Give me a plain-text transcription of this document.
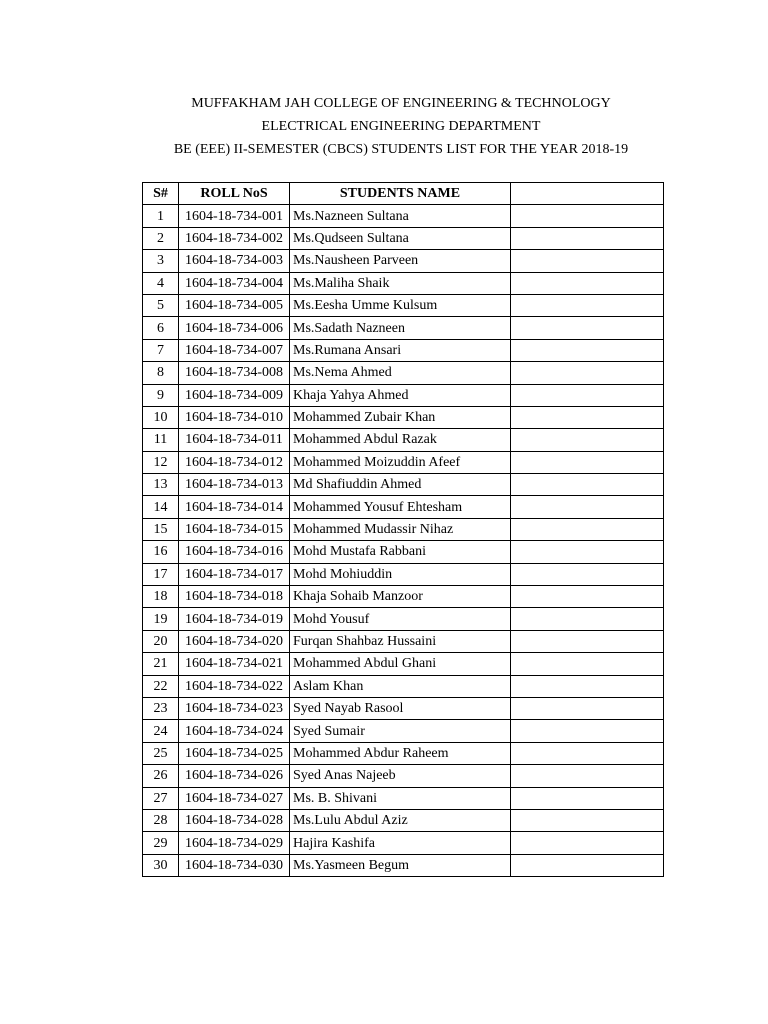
MUFFAKHAM JAH COLLEGE OF ENGINEERING & TECHNOLOGY
ELECTRICAL ENGINEERING DEPARTMENT
BE (EEE) II-SEMESTER (CBCS) STUDENTS LIST FOR THE YEAR 2018-19
S#	ROLL NoS	STUDENTS NAME	
1	1604-18-734-001	Ms.Nazneen Sultana	
2	1604-18-734-002	Ms.Qudseen Sultana	
3	1604-18-734-003	Ms.Nausheen Parveen	
4	1604-18-734-004	Ms.Maliha Shaik	
5	1604-18-734-005	Ms.Eesha Umme Kulsum	
6	1604-18-734-006	Ms.Sadath Nazneen	
7	1604-18-734-007	Ms.Rumana Ansari	
8	1604-18-734-008	Ms.Nema Ahmed	
9	1604-18-734-009	Khaja Yahya Ahmed	
10	1604-18-734-010	Mohammed Zubair Khan	
11	1604-18-734-011	Mohammed Abdul Razak	
12	1604-18-734-012	Mohammed Moizuddin Afeef	
13	1604-18-734-013	Md Shafiuddin Ahmed	
14	1604-18-734-014	Mohammed Yousuf Ehtesham	
15	1604-18-734-015	Mohammed Mudassir Nihaz	
16	1604-18-734-016	Mohd Mustafa Rabbani	
17	1604-18-734-017	Mohd Mohiuddin	
18	1604-18-734-018	Khaja Sohaib Manzoor	
19	1604-18-734-019	Mohd Yousuf	
20	1604-18-734-020	Furqan Shahbaz Hussaini	
21	1604-18-734-021	Mohammed Abdul Ghani	
22	1604-18-734-022	Aslam Khan	
23	1604-18-734-023	Syed Nayab Rasool	
24	1604-18-734-024	Syed Sumair	
25	1604-18-734-025	Mohammed Abdur Raheem	
26	1604-18-734-026	Syed Anas Najeeb	
27	1604-18-734-027	Ms. B. Shivani	
28	1604-18-734-028	Ms.Lulu Abdul Aziz	
29	1604-18-734-029	Hajira Kashifa	
30	1604-18-734-030	Ms.Yasmeen Begum	
